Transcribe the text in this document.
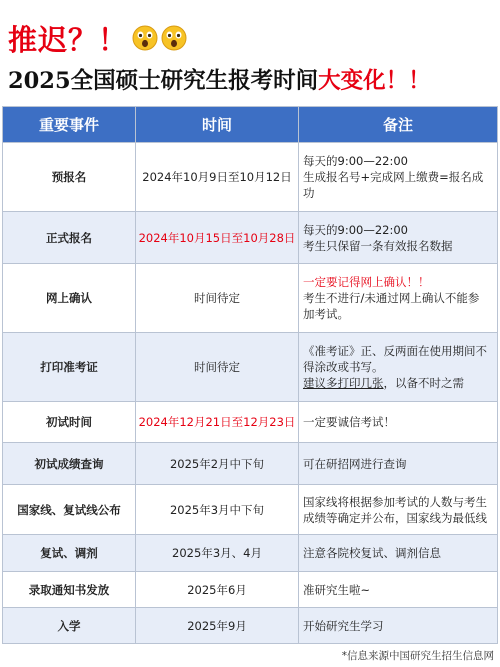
推迟？！
2025全国硕士研究生报考时间 大变化！！
重要事件	时间	备注
预报名	2024年10月9日至10月12日	每天的9:00—22:00
生成报名号+完成网上缴费=报名成
功

正式报名	2024年10月15日至10月28日	每天的9:00—22:00
考生只保留一条有效报名数据

网上确认	时间待定	一定要记得网上确认！！
考生不进行/未通过网上确认不能参
加考试。

打印准考证	时间待定	《准考证》正、反两面在使用期间不
得涂改或书写。
建议多打印几张，以备不时之需

初试时间	2024年12月21日至12月23日	一定要诚信考试！

初试成绩查询	2025年2月中下旬	可在研招网进行查询

国家线、复试线公布	2025年3月中下旬	国家线将根据参加考试的人数与考生
成绩等确定并公布，国家线为最低线

复试、调剂	2025年3月、4月	注意各院校复试、调剂信息

录取通知书发放	2025年6月	准研究生啦~

入学	2025年9月	开始研究生学习
*信息来源中国研究生招生信息网
